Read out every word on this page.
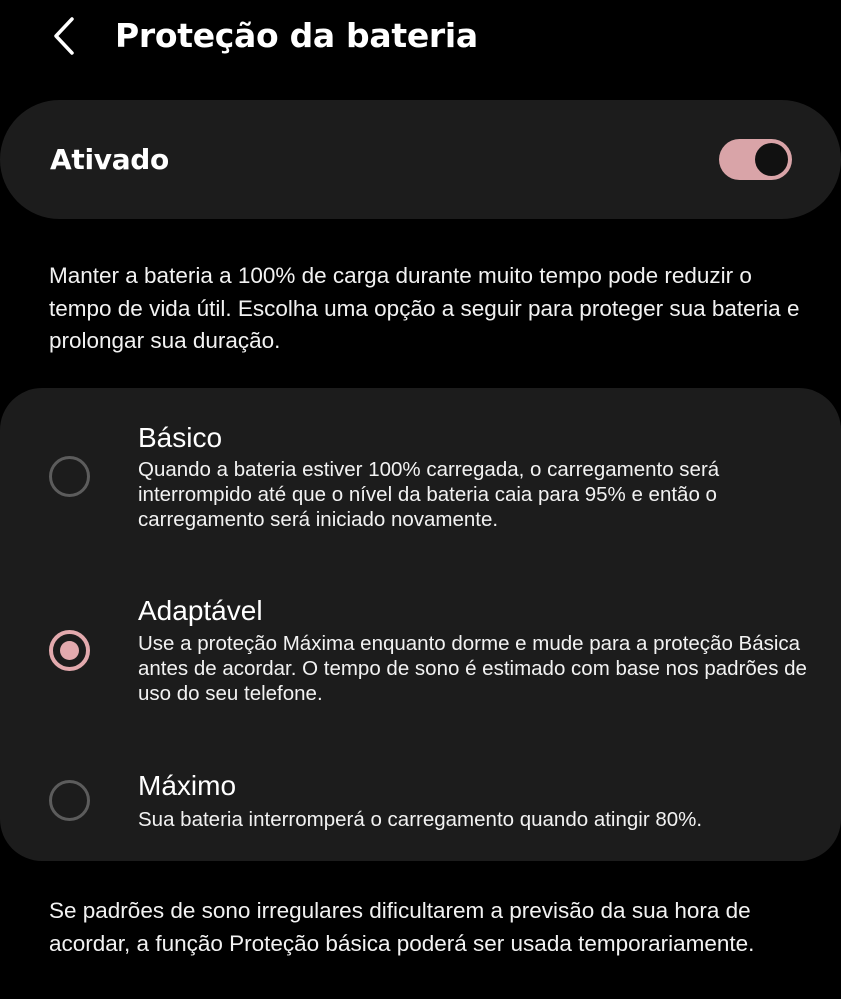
Proteção da bateria
Ativado
Manter a bateria a 100% de carga durante muito tempo pode reduzir o tempo de vida útil. Escolha uma opção a seguir para proteger sua bateria e prolongar sua duração.
Básico
Quando a bateria estiver 100% carregada, o carregamento será interrompido até que o nível da bateria caia para 95% e então o carregamento será iniciado novamente.
Adaptável
Use a proteção Máxima enquanto dorme e mude para a proteção Básica antes de acordar. O tempo de sono é estimado com base nos padrões de uso do seu telefone.
Máximo
Sua bateria interromperá o carregamento quando atingir 80%.
Se padrões de sono irregulares dificultarem a previsão da sua hora de acordar, a função Proteção básica poderá ser usada temporariamente.
